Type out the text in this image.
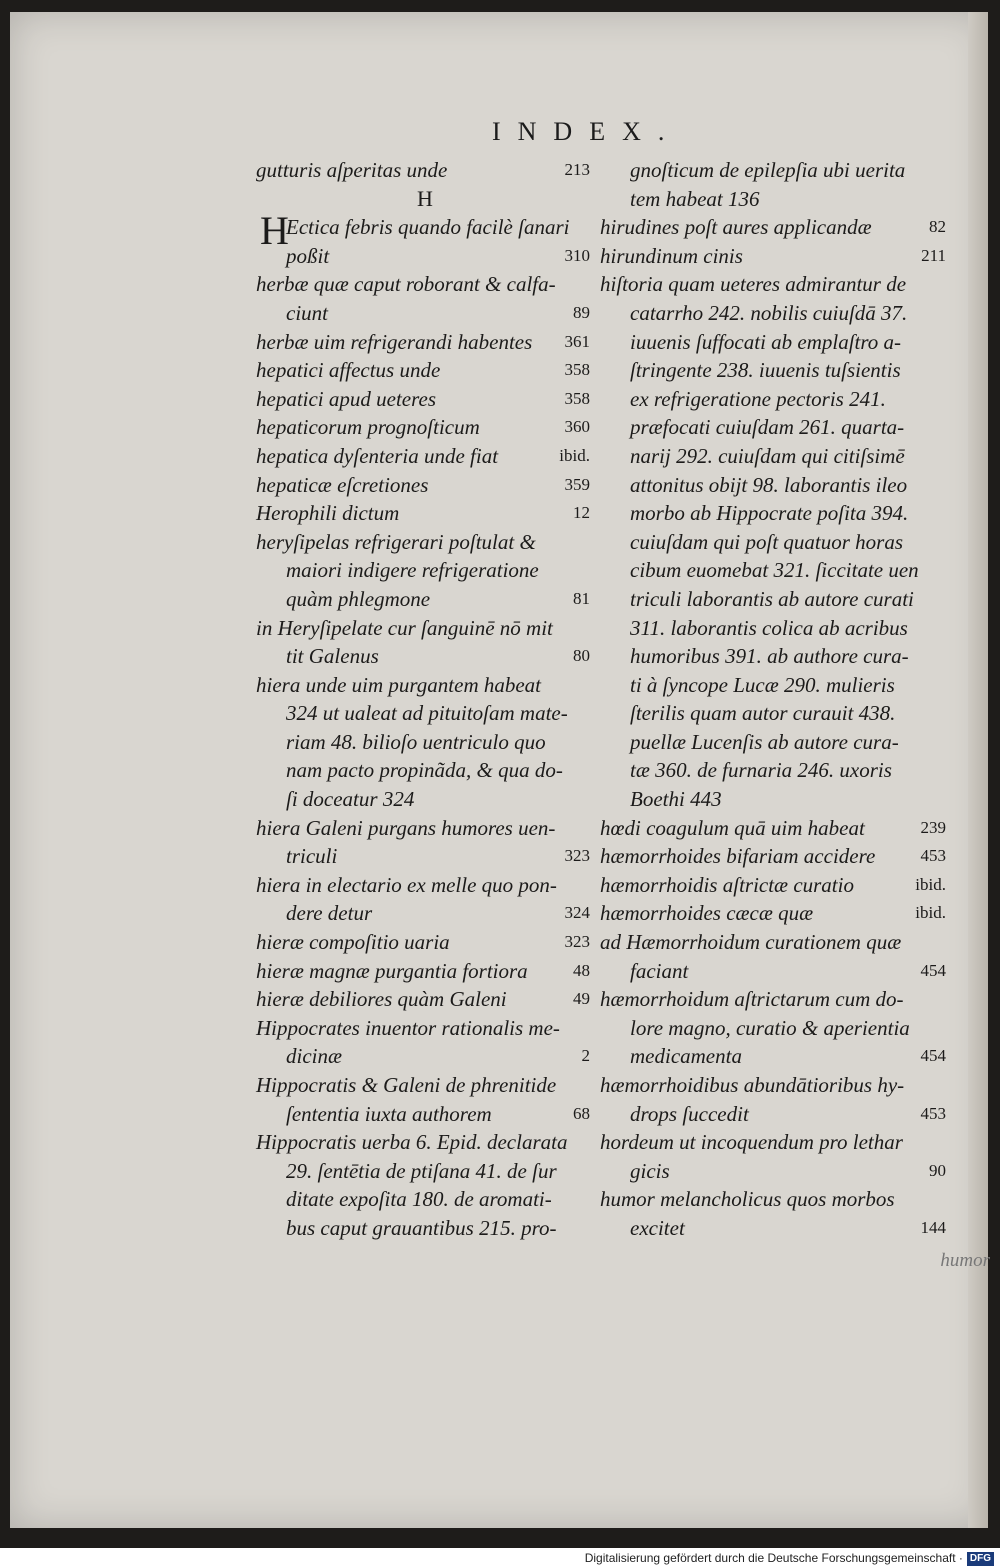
INDEX.
gutturis aſperitas unde	213
H
H
Ectica febris quando facilè ſanari
poßit	310
herbæ quæ caput roborant & calfa-
ciunt	89
herbæ uim refrigerandi habentes 361
hepatici affectus unde	358
hepatici apud ueteres	358
hepaticorum prognoſticum	360
hepatica dyſenteria unde fiat	ibid.
hepaticæ eſcretiones	359
Herophili dictum	12
heryſipelas refrigerari poſtulat &
maiori indigere refrigeratione
quàm phlegmone	81
in Heryſipelate cur ſanguinē nō mit
tit Galenus	80
hiera unde uim purgantem habeat
324 ut ualeat ad pituitoſam mate-
riam 48. bilioſo uentriculo quo
nam pacto propinãda, & qua do-
ſi doceatur 324
hiera Galeni purgans humores uen-
triculi	323
hiera in electario ex melle quo pon-
dere detur	324
hieræ compoſitio uaria	323
hieræ magnæ purgantia fortiora	48
hieræ debiliores quàm Galeni	49
Hippocrates inuentor rationalis me-
dicinæ	2
Hippocratis & Galeni de phrenitide
ſententia iuxta authorem	68
Hippocratis uerba 6. Epid. declarata
29. ſentētia de ptiſana 41. de ſur
ditate expoſita 180. de aromati-
bus caput grauantibus 215. pro-
gnoſticum de epilepſia ubi uerita
tem habeat 136
hirudines poſt aures applicandæ	82
hirundinum cinis	211
hiſtoria quam ueteres admirantur de
catarrho 242. nobilis cuiuſdā 37.
iuuenis ſuffocati ab emplaſtro a-
ſtringente 238. iuuenis tuſsientis
ex refrigeratione pectoris 241.
præfocati cuiuſdam 261. quarta-
narij 292. cuiuſdam qui citiſsimē
attonitus obijt 98. laborantis ileo
morbo ab Hippocrate poſita 394.
cuiuſdam qui poſt quatuor horas
cibum euomebat 321. ſiccitate uen
triculi laborantis ab autore curati
311. laborantis colica ab acribus
humoribus 391. ab authore cura-
ti à ſyncope Lucæ 290. mulieris
ſterilis quam autor curauit 438.
puellæ Lucenſis ab autore cura-
tæ 360. de furnaria 246. uxoris
Boethi 443
hœdi coagulum quā uim habeat	239
hæmorrhoides bifariam accidere	453
hæmorrhoidis aſtrictæ curatio	ibid.
hæmorrhoides cæcæ quæ	ibid.
ad Hæmorrhoidum curationem quæ
faciant	454
hæmorrhoidum aſtrictarum cum do-
lore magno, curatio & aperientia
medicamenta	454
hæmorrhoidibus abundātioribus hy-
drops ſuccedit	453
hordeum ut incoquendum pro lethar
gicis	90
humor melancholicus quos morbos
excitet	144
humor
Digitalisierung gefördert durch die Deutsche Forschungsgemeinschaft · DFG
